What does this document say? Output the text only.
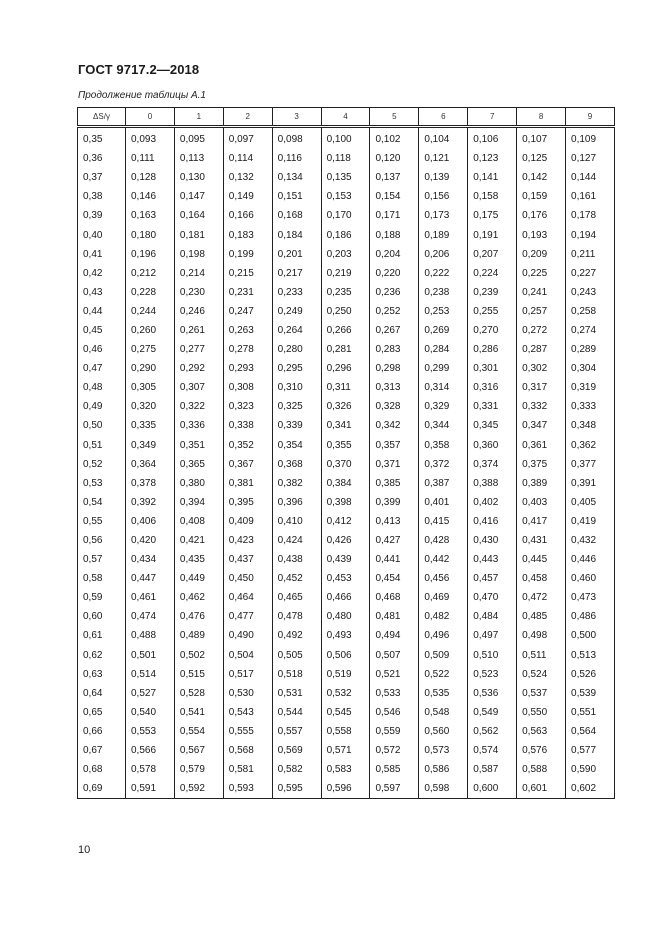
ГОСТ 9717.2—2018
Продолжение таблицы А.1
ΔS/γ	0	1	2	3	4	5	6	7	8	9
0,35	0,093	0,095	0,097	0,098	0,100	0,102	0,104	0,106	0,107	0,109
0,36	0,111	0,113	0,114	0,116	0,118	0,120	0,121	0,123	0,125	0,127
0,37	0,128	0,130	0,132	0,134	0,135	0,137	0,139	0,141	0,142	0,144
0,38	0,146	0,147	0,149	0,151	0,153	0,154	0,156	0,158	0,159	0,161
0,39	0,163	0,164	0,166	0,168	0,170	0,171	0,173	0,175	0,176	0,178
0,40	0,180	0,181	0,183	0,184	0,186	0,188	0,189	0,191	0,193	0,194
0,41	0,196	0,198	0,199	0,201	0,203	0,204	0,206	0,207	0,209	0,211
0,42	0,212	0,214	0,215	0,217	0,219	0,220	0,222	0,224	0,225	0,227
0,43	0,228	0,230	0,231	0,233	0,235	0,236	0,238	0,239	0,241	0,243
0,44	0,244	0,246	0,247	0,249	0,250	0,252	0,253	0,255	0,257	0,258
0,45	0,260	0,261	0,263	0,264	0,266	0,267	0,269	0,270	0,272	0,274
0,46	0,275	0,277	0,278	0,280	0,281	0,283	0,284	0,286	0,287	0,289
0,47	0,290	0,292	0,293	0,295	0,296	0,298	0,299	0,301	0,302	0,304
0,48	0,305	0,307	0,308	0,310	0,311	0,313	0,314	0,316	0,317	0,319
0,49	0,320	0,322	0,323	0,325	0,326	0,328	0,329	0,331	0,332	0,333
0,50	0,335	0,336	0,338	0,339	0,341	0,342	0,344	0,345	0,347	0,348
0,51	0,349	0,351	0,352	0,354	0,355	0,357	0,358	0,360	0,361	0,362
0,52	0,364	0,365	0,367	0,368	0,370	0,371	0,372	0,374	0,375	0,377
0,53	0,378	0,380	0,381	0,382	0,384	0,385	0,387	0,388	0,389	0,391
0,54	0,392	0,394	0,395	0,396	0,398	0,399	0,401	0,402	0,403	0,405
0,55	0,406	0,408	0,409	0,410	0,412	0,413	0,415	0,416	0,417	0,419
0,56	0,420	0,421	0,423	0,424	0,426	0,427	0,428	0,430	0,431	0,432
0,57	0,434	0,435	0,437	0,438	0,439	0,441	0,442	0,443	0,445	0,446
0,58	0,447	0,449	0,450	0,452	0,453	0,454	0,456	0,457	0,458	0,460
0,59	0,461	0,462	0,464	0,465	0,466	0,468	0,469	0,470	0,472	0,473
0,60	0,474	0,476	0,477	0,478	0,480	0,481	0,482	0,484	0,485	0,486
0,61	0,488	0,489	0,490	0,492	0,493	0,494	0,496	0,497	0,498	0,500
0,62	0,501	0,502	0,504	0,505	0,506	0,507	0,509	0,510	0,511	0,513
0,63	0,514	0,515	0,517	0,518	0,519	0,521	0,522	0,523	0,524	0,526
0,64	0,527	0,528	0,530	0,531	0,532	0,533	0,535	0,536	0,537	0,539
0,65	0,540	0,541	0,543	0,544	0,545	0,546	0,548	0,549	0,550	0,551
0,66	0,553	0,554	0,555	0,557	0,558	0,559	0,560	0,562	0,563	0,564
0,67	0,566	0,567	0,568	0,569	0,571	0,572	0,573	0,574	0,576	0,577
0,68	0,578	0,579	0,581	0,582	0,583	0,585	0,586	0,587	0,588	0,590
0,69	0,591	0,592	0,593	0,595	0,596	0,597	0,598	0,600	0,601	0,602
10
